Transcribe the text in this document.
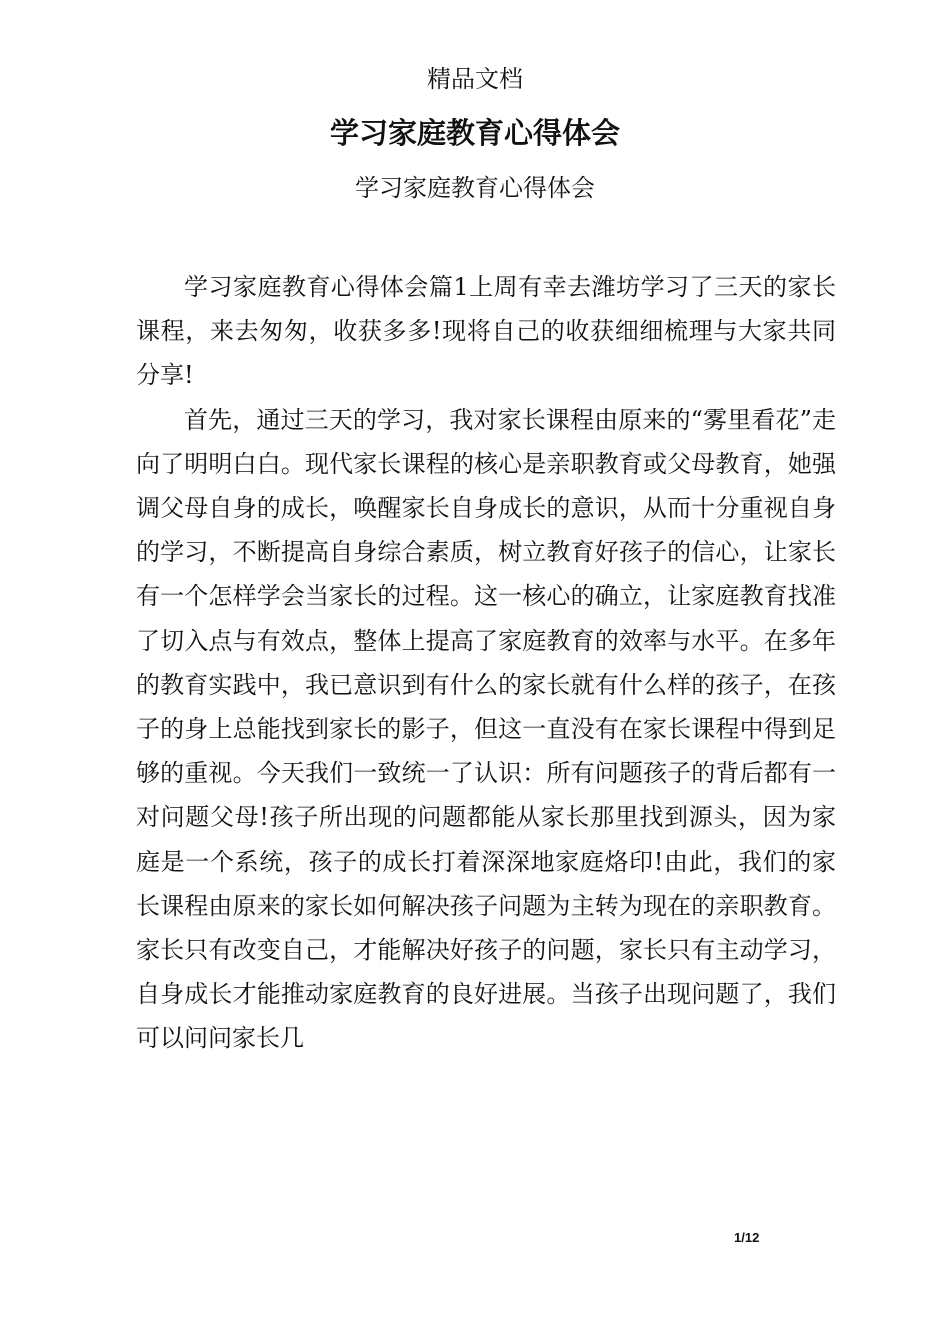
精品文档
学习家庭教育心得体会
学习家庭教育心得体会

学习家庭教育心得体会篇1上周有幸去潍坊学习了三天的家长课程，来去匆匆，收获多多!现将自己的收获细细梳理与大家共同分享!

首先，通过三天的学习，我对家长课程由原来的“雾里看花”走向了明明白白。现代家长课程的核心是亲职教育或父母教育，她强调父母自身的成长，唤醒家长自身成长的意识，从而十分重视自身的学习，不断提高自身综合素质，树立教育好孩子的信心，让家长有一个怎样学会当家长的过程。这一核心的确立，让家庭教育找准了切入点与有效点，整体上提高了家庭教育的效率与水平。在多年的教育实践中，我已意识到有什么的家长就有什么样的孩子，在孩子的身上总能找到家长的影子，但这一直没有在家长课程中得到足够的重视。今天我们一致统一了认识：所有问题孩子的背后都有一对问题父母!孩子所出现的问题都能从家长那里找到源头，因为家庭是一个系统，孩子的成长打着深深地家庭烙印!由此，我们的家长课程由原来的家长如何解决孩子问题为主转为现在的亲职教育。家长只有改变自己，才能解决好孩子的问题，家长只有主动学习，自身成长才能推动家庭教育的良好进展。当孩子出现问题了，我们可以问问家长几

1/12
